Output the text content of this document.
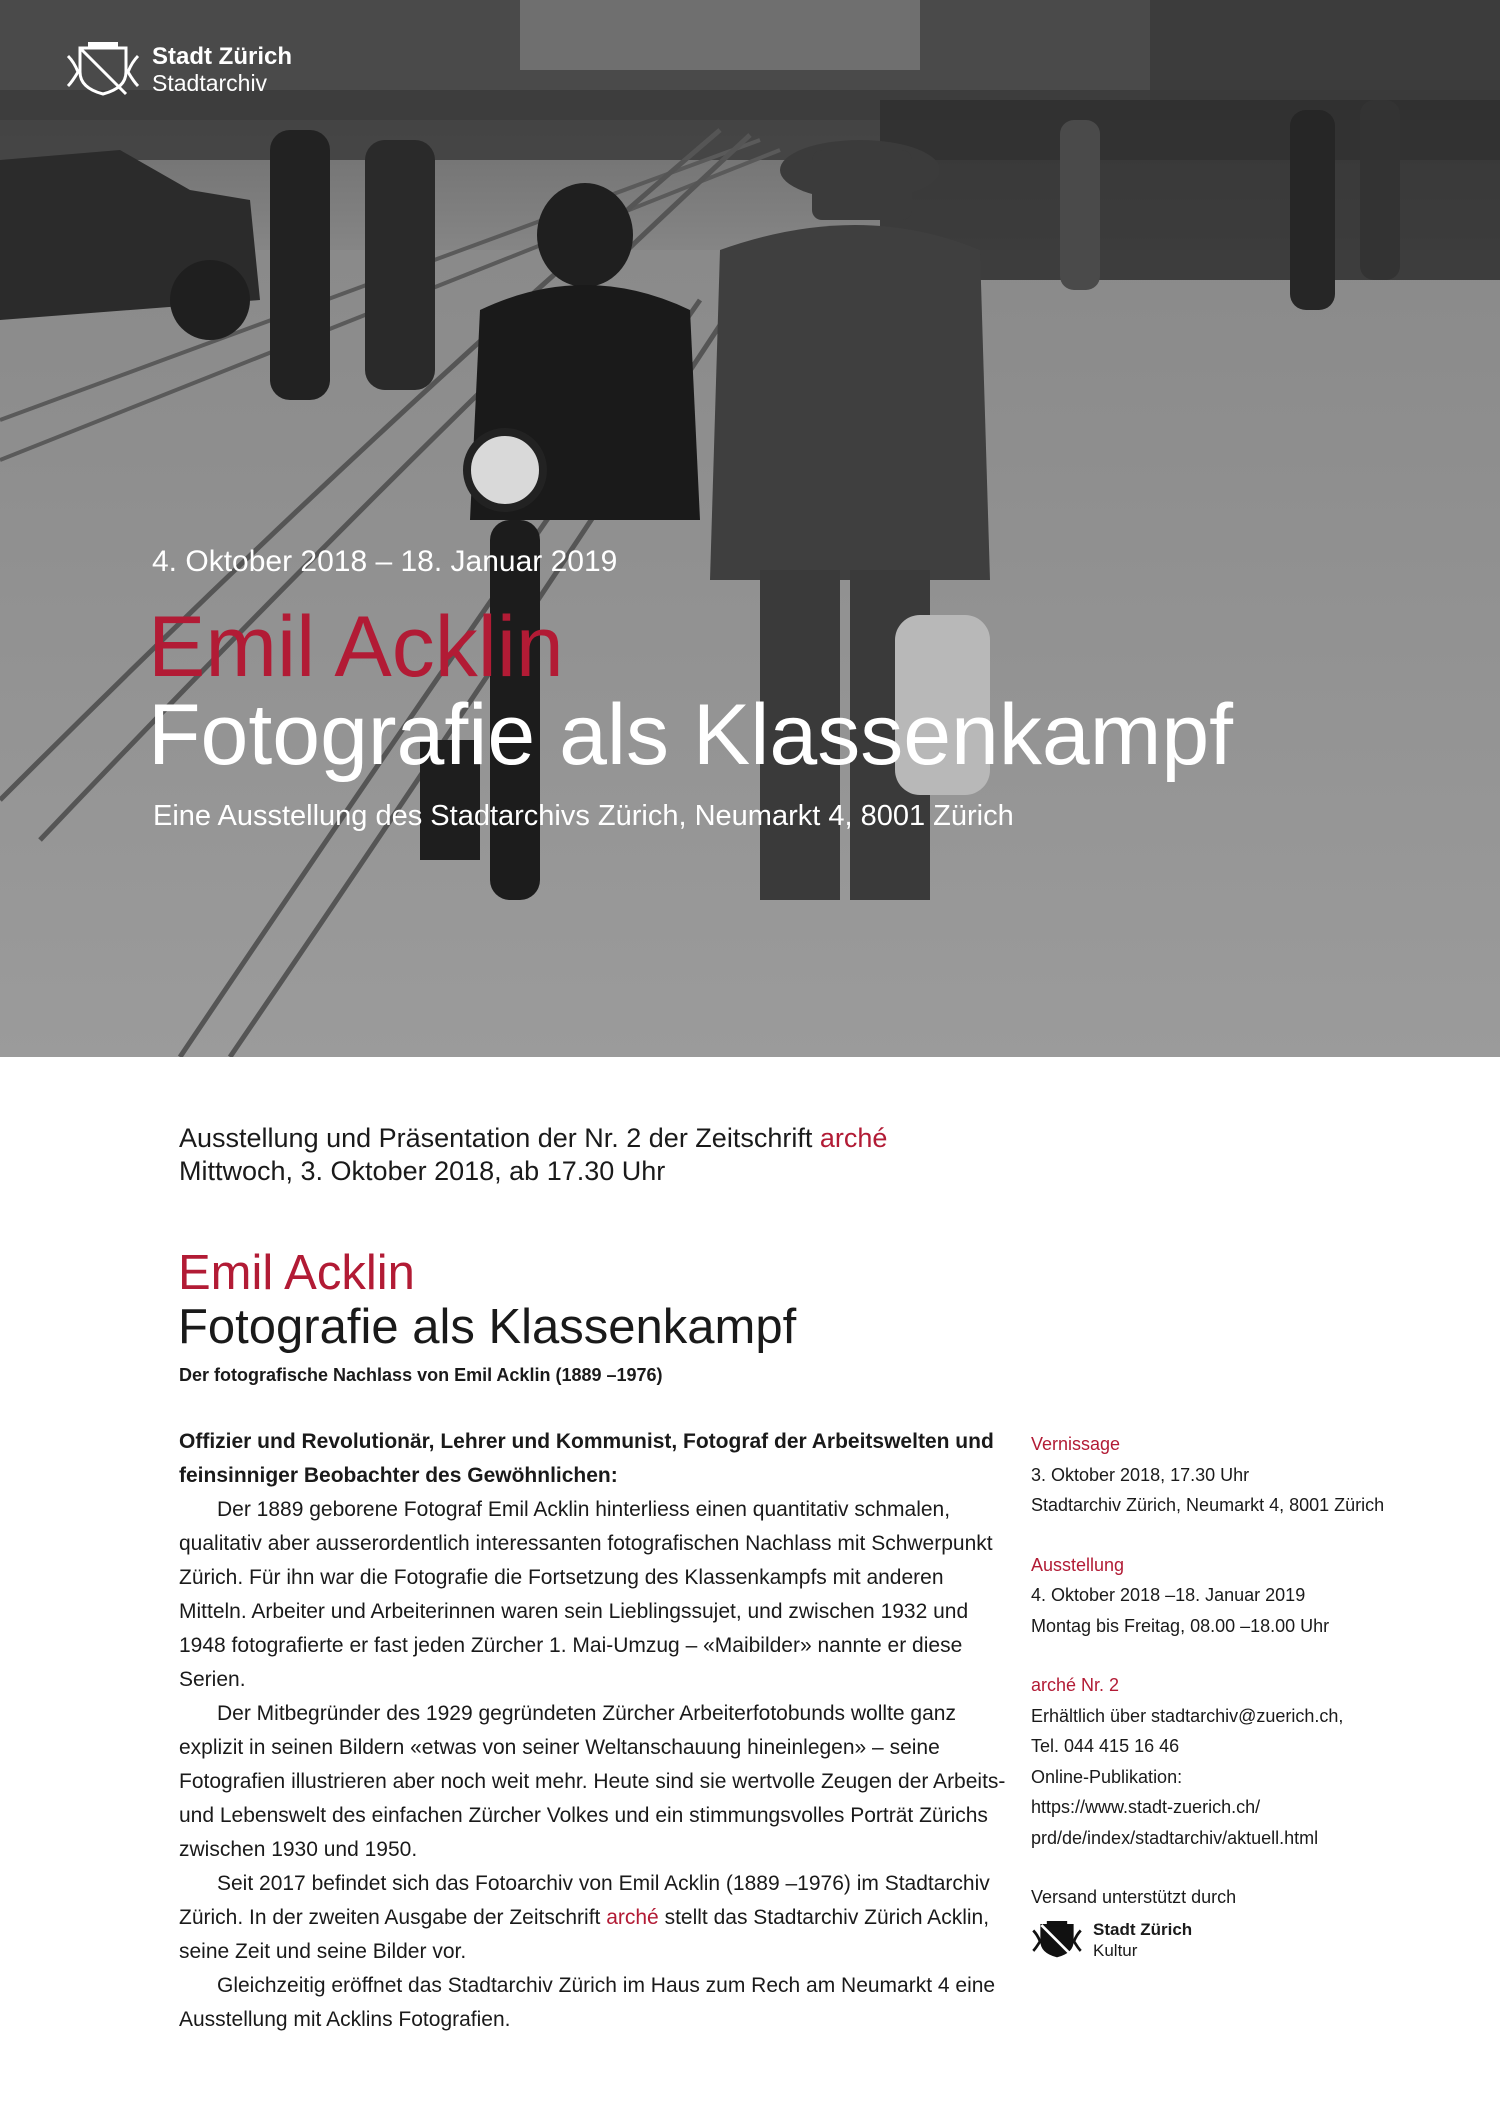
Stadt Zürich
Stadtarchiv
4. Oktober 2018 – 18. Januar 2019
Emil Acklin
Fotografie als Klassenkampf
Eine Ausstellung des Stadtarchivs Zürich, Neumarkt 4, 8001 Zürich
Ausstellung und Präsentation der Nr. 2 der Zeitschrift arché
Mittwoch, 3. Oktober 2018, ab 17.30 Uhr
Emil Acklin
Fotografie als Klassenkampf
Der fotografische Nachlass von Emil Acklin (1889 –1976)

Offizier und Revolutionär, Lehrer und Kommunist, Fotograf der Arbeitswelten und feinsinniger Beobachter des Gewöhnlichen:

Der 1889 geborene Fotograf Emil Acklin hinterliess einen quantitativ schmalen, qualitativ aber ausserordentlich interessanten fotografischen Nachlass mit Schwerpunkt Zürich. Für ihn war die Fotografie die Fortsetzung des Klassenkampfs mit anderen Mitteln. Arbeiter und Arbeiterinnen waren sein Lieblingssujet, und zwischen 1932 und 1948 fotografierte er fast jeden Zürcher 1. Mai-Umzug – «Maibilder» nannte er diese Serien.

Der Mitbegründer des 1929 gegründeten Zürcher Arbeiterfotobunds wollte ganz explizit in seinen Bildern «etwas von seiner Weltanschauung hineinlegen» – seine Fotografien illustrieren aber noch weit mehr. Heute sind sie wertvolle Zeugen der Arbeits- und Lebenswelt des einfachen Zürcher Volkes und ein stimmungsvolles Porträt Zürichs zwischen 1930 und 1950.

Seit 2017 befindet sich das Fotoarchiv von Emil Acklin (1889 –1976) im Stadtarchiv Zürich. In der zweiten Ausgabe der Zeitschrift arché stellt das Stadtarchiv Zürich Acklin, seine Zeit und seine Bilder vor.

Gleichzeitig eröffnet das Stadtarchiv Zürich im Haus zum Rech am Neumarkt 4 eine Ausstellung mit Acklins Fotografien.

Vernissage
3. Oktober 2018, 17.30 Uhr
Stadtarchiv Zürich, Neumarkt 4, 8001 Zürich
Ausstellung
4. Oktober 2018 –18. Januar 2019
Montag bis Freitag, 08.00 –18.00 Uhr
arché Nr. 2
Erhältlich über stadtarchiv@zuerich.ch,
Tel. 044 415 16 46
Online-Publikation:
https://www.stadt-zuerich.ch/
prd/de/index/stadtarchiv/aktuell.html
Versand unterstützt durch
Stadt Zürich
Kultur
